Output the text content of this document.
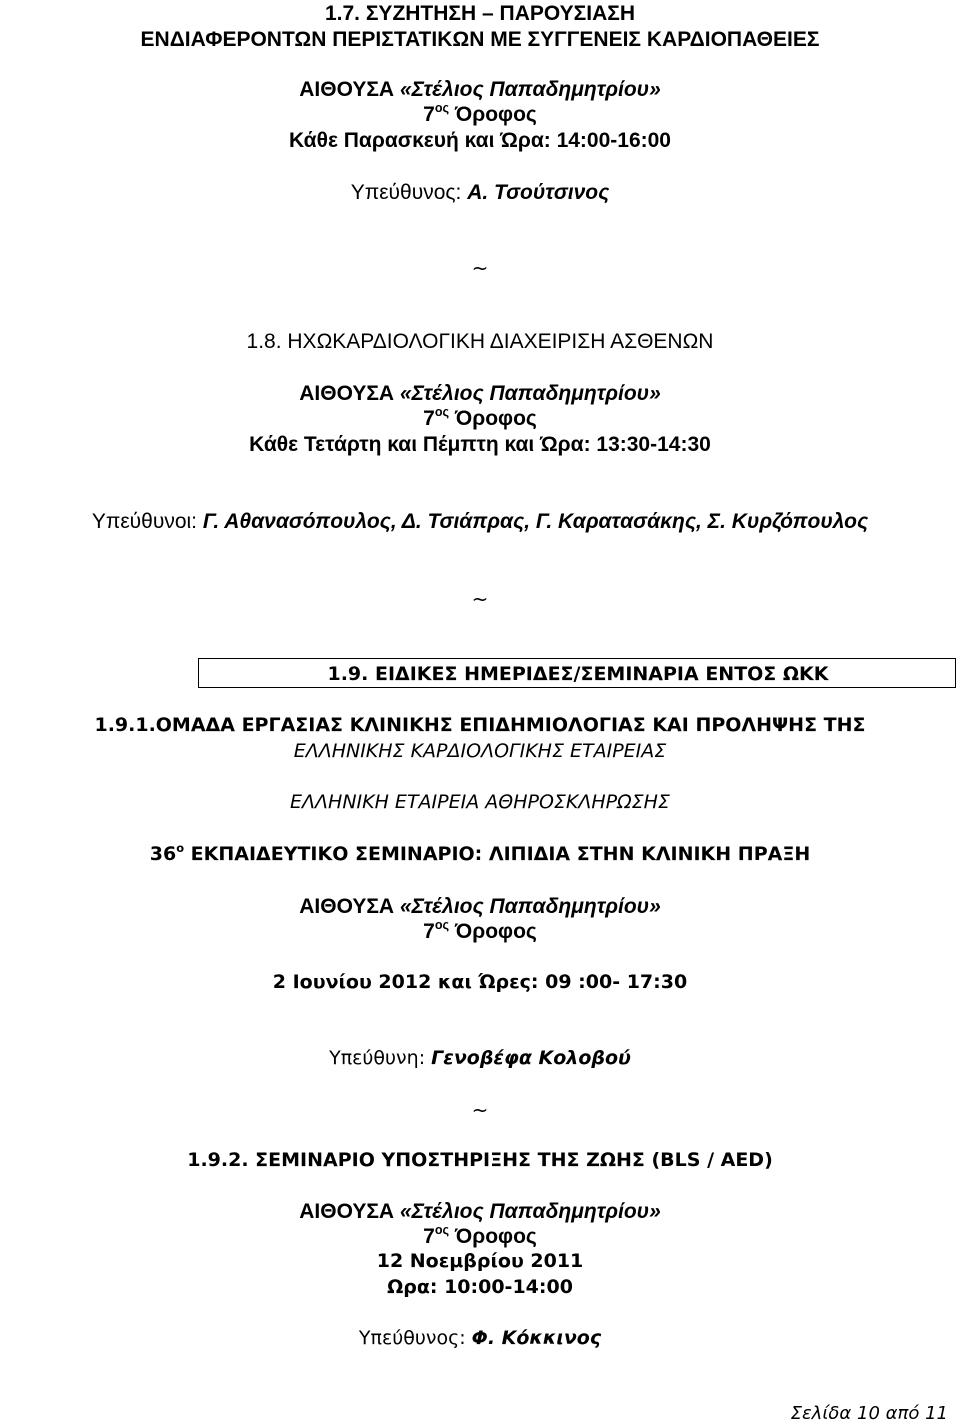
1.7. ΣΥΖΗΤΗΣΗ – ΠΑΡΟΥΣΙΑΣΗ
ΕΝΔΙΑΦΕΡΟΝΤΩΝ ΠΕΡΙΣΤΑΤΙΚΩΝ ΜΕ ΣΥΓΓΕΝΕΙΣ ΚΑΡΔΙΟΠΑΘΕΙΕΣ
ΑΙΘΟΥΣΑ «Στέλιος Παπαδημητρίου»
$7^{o\varsigma}$ Όροφος
Κάθε Παρασκευή και Ώρα: 14:00-16:00
Υπεύθυνος: Α. Τσούτσινος
~
1.8. ΗΧΩΚΑΡΔΙΟΛΟΓΙΚΗ ΔΙΑΧΕΙΡΙΣΗ ΑΣΘΕΝΩΝ
ΑΙΘΟΥΣΑ «Στέλιος Παπαδημητρίου»
$7^{o\varsigma}$ Όροφος
Κάθε Τετάρτη και Πέμπτη και Ώρα: 13:30-14:30
Υπεύθυνοι: Γ. Αθανασόπουλος, Δ. Τσιάπρας, Γ. Καρατασάκης, Σ. Κυρζόπουλος
~
1.9. ΕΙΔΙΚΕΣ ΗΜΕΡΙΔΕΣ/ΣΕΜΙΝΑΡΙΑ ΕΝΤΟΣ ΩΚΚ
1.9.1.ΟΜΑΔΑ ΕΡΓΑΣΙΑΣ ΚΛΙΝΙΚΗΣ ΕΠΙΔΗΜΙΟΛΟΓΙΑΣ ΚΑΙ ΠΡΟΛΗΨΗΣ ΤΗΣ
ΕΛΛΗΝΙΚΗΣ ΚΑΡΔΙΟΛΟΓΙΚΗΣ ΕΤΑΙΡΕΙΑΣ
ΕΛΛΗΝΙΚΗ ΕΤΑΙΡΕΙΑ ΑΘΗΡΟΣΚΛΗΡΩΣΗΣ
$36^o$ ΕΚΠΑΙΔΕΥΤΙΚΟ ΣΕΜΙΝΑΡΙΟ: ΛΙΠΙΔΙΑ ΣΤΗΝ ΚΛΙΝΙΚΗ ΠΡΑΞΗ
ΑΙΘΟΥΣΑ «Στέλιος Παπαδημητρίου»
$7^{o\varsigma}$ Όροφος
2 Ιουνίου 2012 και Ώρες: 09 :00- 17:30
Υπεύθυνη: Γενοβέφα Κολοβού
~
1.9.2. ΣΕΜΙΝΑΡΙΟ ΥΠΟΣΤΗΡΙΞΗΣ ΤΗΣ ΖΩΗΣ (BLS / AED)
ΑΙΘΟΥΣΑ «Στέλιος Παπαδημητρίου»
$7^{o\varsigma}$ Όροφος
12 Νοεμβρίου 2011
Ωρα: 10:00-14:00
Υπεύθυνος: Φ. Κόκκινος
Σελίδα 10 από 11
